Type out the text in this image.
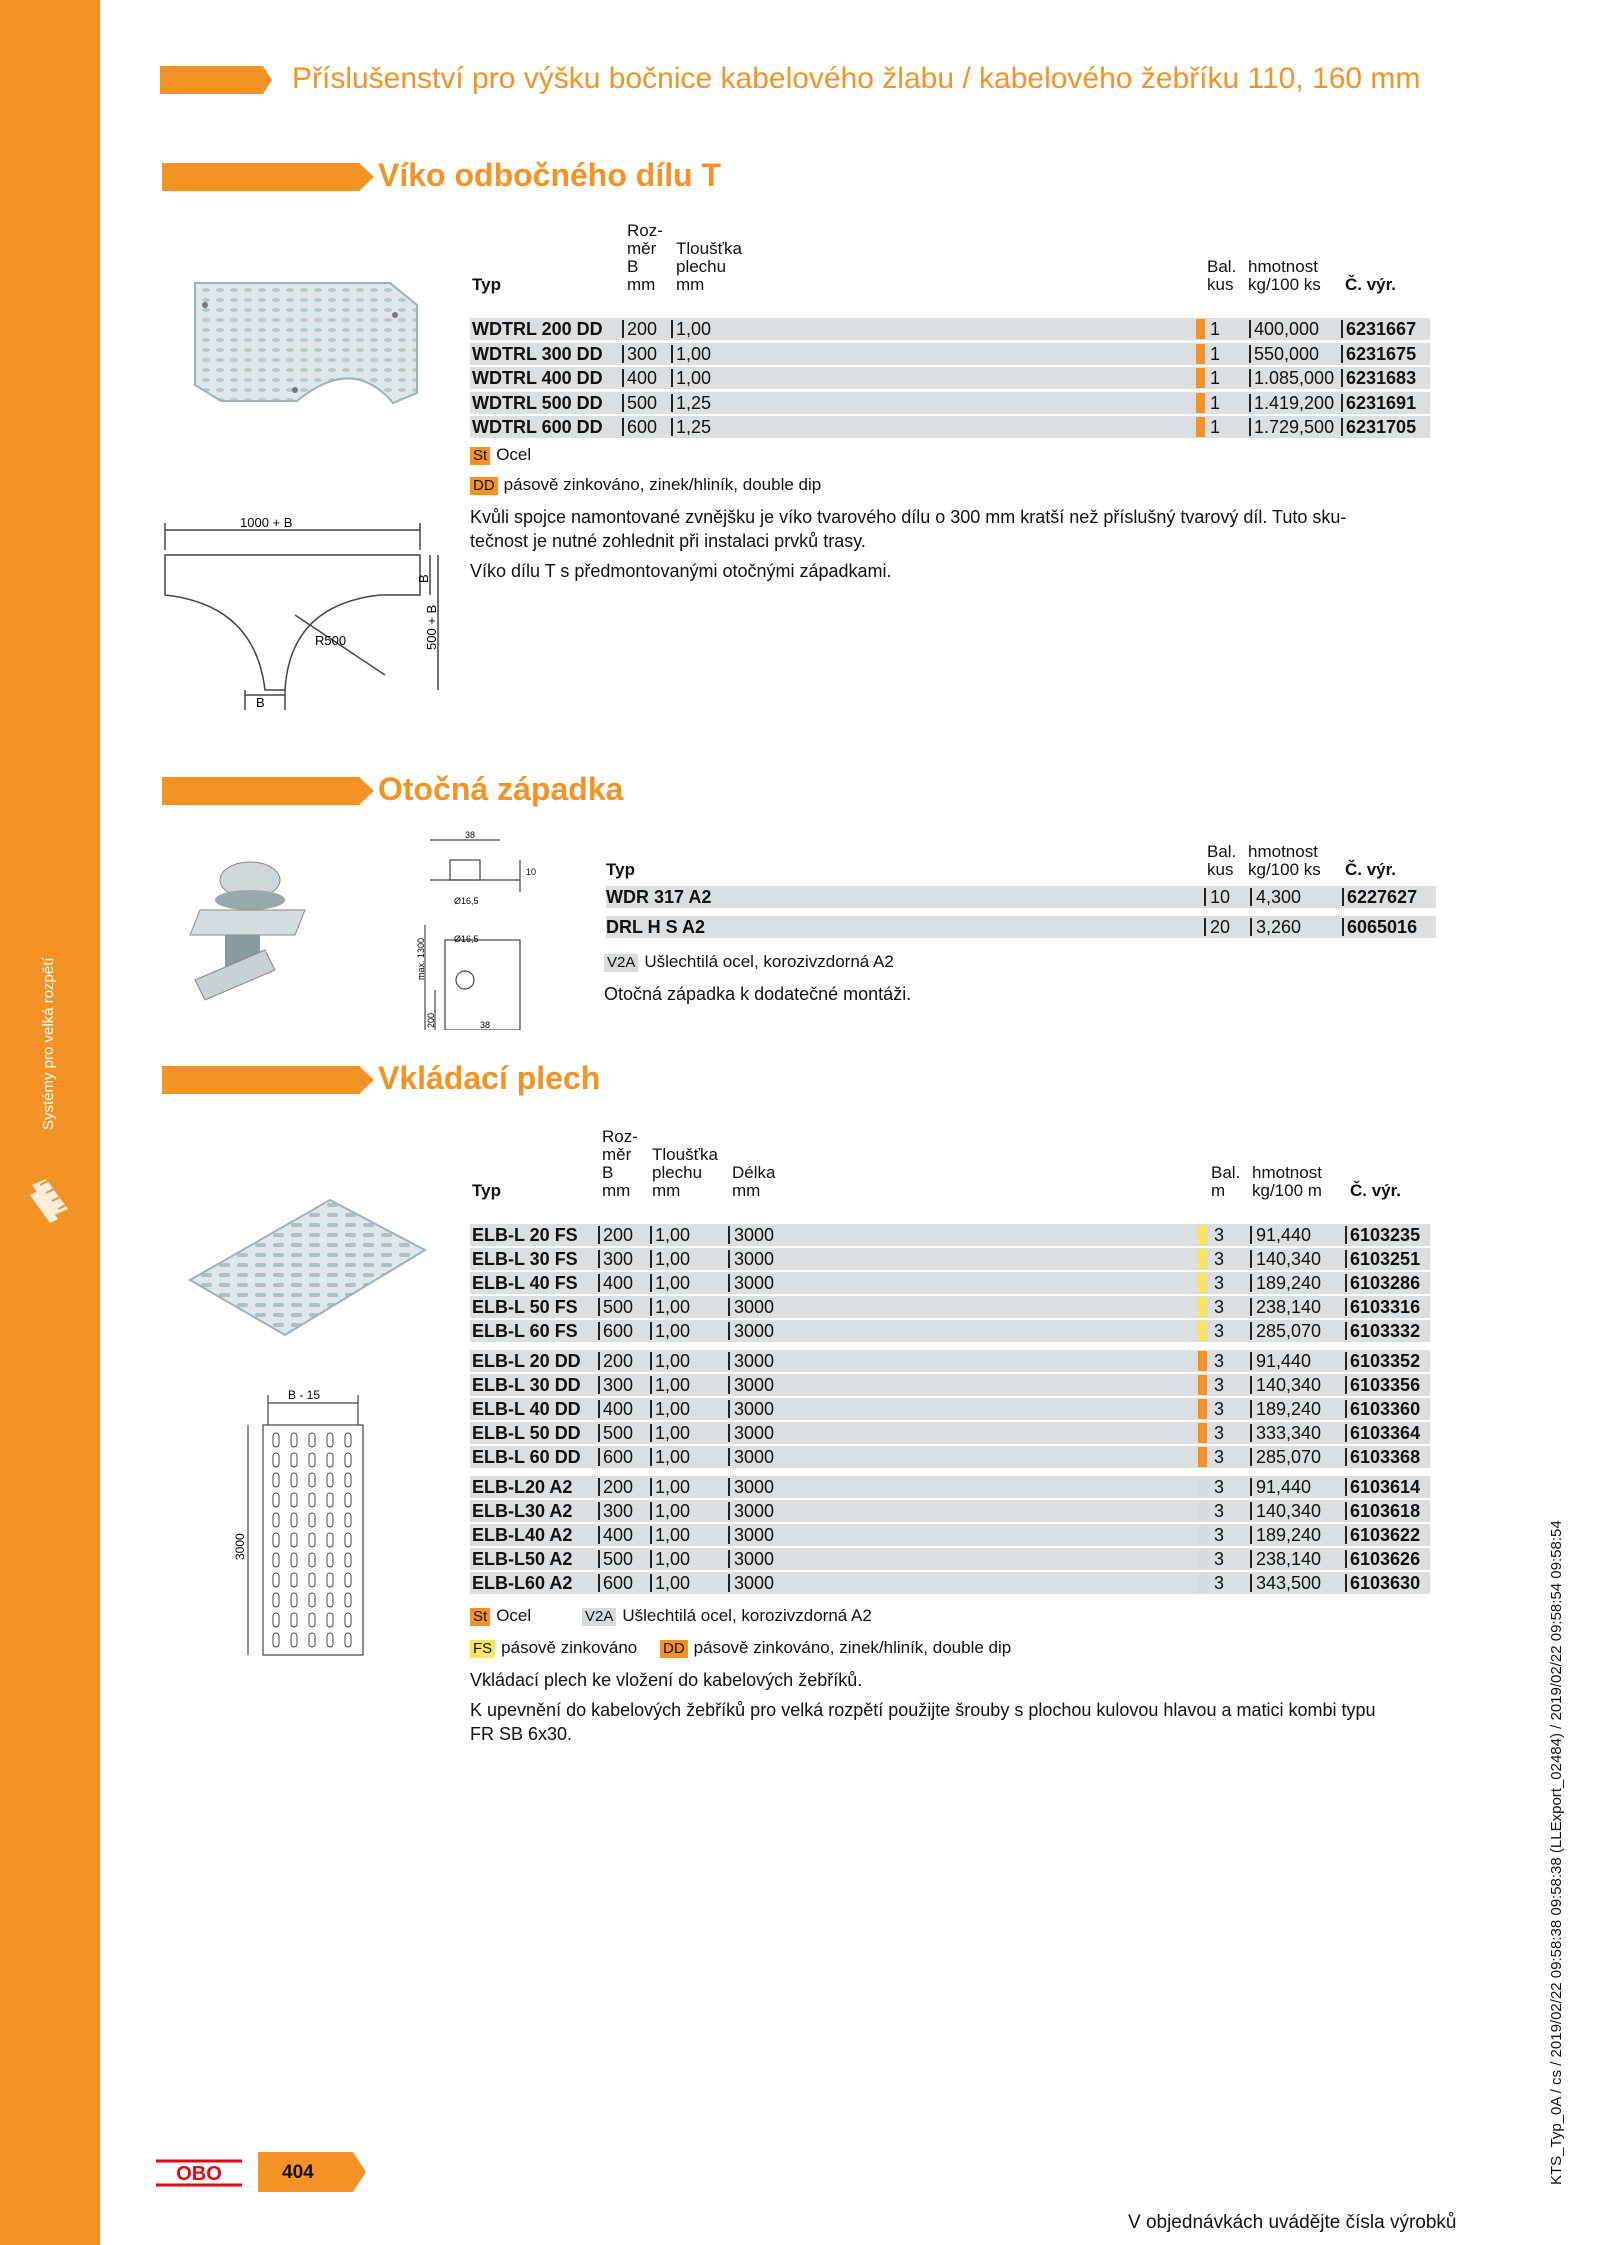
Systémy pro velká rozpětí
Příslušenství pro výšku bočnice kabelového žlabu / kabelového žebříku 110, 160 mm
Víko odbočného dílu T
1000 + B
R500
B
B
500 + B
Roz-
měr
B
mm
Tloušťka
plechu
mm
Typ
Bal.
kus
hmotnost
kg/100 ks Č. výr.
WDTRL 200 DD 200 1,00	1 400,000 6231667
WDTRL 300 DD 300 1,00	1 550,000 6231675
WDTRL 400 DD 400 1,00	1 1.085,000 6231683
WDTRL 500 DD 500 1,25	1 1.419,200 6231691
WDTRL 600 DD 600 1,25	1 1.729,500 6231705
St Ocel
DD pásově zinkováno, zinek/hliník, double dip
Kvůli spojce namontované zvnějšku je víko tvarového dílu o 300 mm kratší než příslušný tvarový díl. Tuto sku-
tečnost je nutné zohlednit při instalaci prvků trasy.
Víko dílu T s předmontovanými otočnými západkami.
Otočná západka
38
10
Ø16,5
Ø16,5
max. 1300
200	38
Typ
Bal.
kus
hmotnost
kg/100 ks Č. výr.
WDR 317 A2	10 4,300	6227627
DRL H S A2	20 3,260	6065016
V2A Ušlechtilá ocel, korozivzdorná A2
Otočná západka k dodatečné montáži.
Vkládací plech
B - 15
3000
Roz-
měr
B
mm
Tloušťka
plechu
mm
Délka
mm
Typ
Bal.
m
hmotnost
kg/100 m Č. výr.
ELB-L 20 FS 200 1,00 3000	3 91,440 6103235
ELB-L 30 FS 300 1,00 3000	3 140,340 6103251
ELB-L 40 FS 400 1,00 3000	3 189,240 6103286
ELB-L 50 FS 500 1,00 3000	3 238,140 6103316
ELB-L 60 FS 600 1,00 3000	3 285,070 6103332
ELB-L 20 DD 200 1,00 3000	3 91,440 6103352
ELB-L 30 DD 300 1,00 3000	3 140,340 6103356
ELB-L 40 DD 400 1,00 3000	3 189,240 6103360
ELB-L 50 DD 500 1,00 3000	3 333,340 6103364
ELB-L 60 DD 600 1,00 3000	3 285,070 6103368
ELB-L20 A2 200 1,00 3000	3 91,440 6103614
ELB-L30 A2 300 1,00 3000	3 140,340 6103618
ELB-L40 A2 400 1,00 3000	3 189,240 6103622
ELB-L50 A2 500 1,00 3000	3 238,140 6103626
ELB-L60 A2 600 1,00 3000	3 343,500 6103630
St Ocel	V2A Ušlechtilá ocel, korozivzdorná A2
FS pásově zinkováno DD pásově zinkováno, zinek/hliník, double dip
Vkládací plech ke vložení do kabelových žebříků.
K upevnění do kabelových žebříků pro velká rozpětí použijte šrouby s plochou kulovou hlavou a matici kombi typu
FR SB 6x30.
OBO	404
V objednávkách uvádějte čísla výrobků
KTS_Typ_0A / cs / 2019/02/22 09:58:38 09:58:38 (LLExport_02484) / 2019/02/22 09:58:54 09:58:54
